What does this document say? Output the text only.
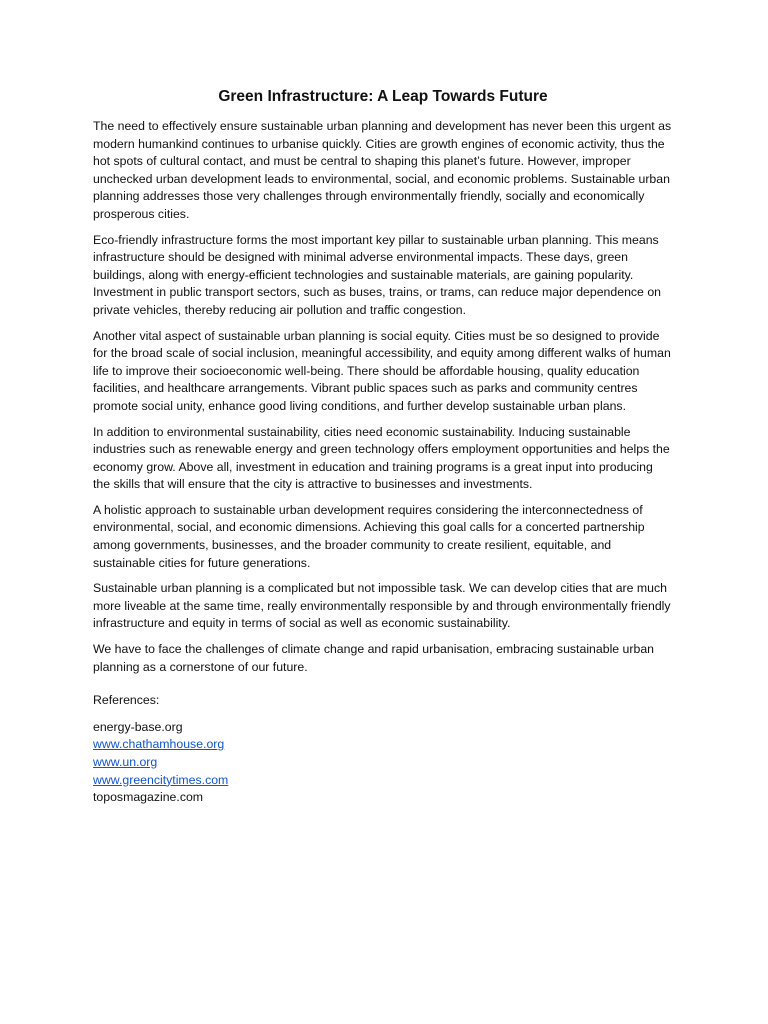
Green Infrastructure: A Leap Towards Future

The need to effectively ensure sustainable urban planning and development has never been this urgent as modern humankind continues to urbanise quickly. Cities are growth engines of economic activity, thus the hot spots of cultural contact, and must be central to shaping this planet’s future. However, improper unchecked urban development leads to environmental, social, and economic problems. Sustainable urban planning addresses those very challenges through environmentally friendly, socially and economically prosperous cities.

Eco-friendly infrastructure forms the most important key pillar to sustainable urban planning. This means infrastructure should be designed with minimal adverse environmental impacts. These days, green buildings, along with energy-efficient technologies and sustainable materials, are gaining popularity. Investment in public transport sectors, such as buses, trains, or trams, can reduce major dependence on private vehicles, thereby reducing air pollution and traffic congestion.

Another vital aspect of sustainable urban planning is social equity. Cities must be so designed to provide for the broad scale of social inclusion, meaningful accessibility, and equity among different walks of human life to improve their socioeconomic well-being. There should be affordable housing, quality education facilities, and healthcare arrangements. Vibrant public spaces such as parks and community centres promote social unity, enhance good living conditions, and further develop sustainable urban plans.

In addition to environmental sustainability, cities need economic sustainability. Inducing sustainable industries such as renewable energy and green technology offers employment opportunities and helps the economy grow. Above all, investment in education and training programs is a great input into producing the skills that will ensure that the city is attractive to businesses and investments.

A holistic approach to sustainable urban development requires considering the interconnectedness of environmental, social, and economic dimensions. Achieving this goal calls for a concerted partnership among governments, businesses, and the broader community to create resilient, equitable, and sustainable cities for future generations.

Sustainable urban planning is a complicated but not impossible task. We can develop cities that are much more liveable at the same time, really environmentally responsible by and through environmentally friendly infrastructure and equity in terms of social as well as economic sustainability.

We have to face the challenges of climate change and rapid urbanisation, embracing sustainable urban planning as a cornerstone of our future.

References:
energy-base.org
www.chathamhouse.org
www.un.org
www.greencitytimes.com
toposmagazine.com
